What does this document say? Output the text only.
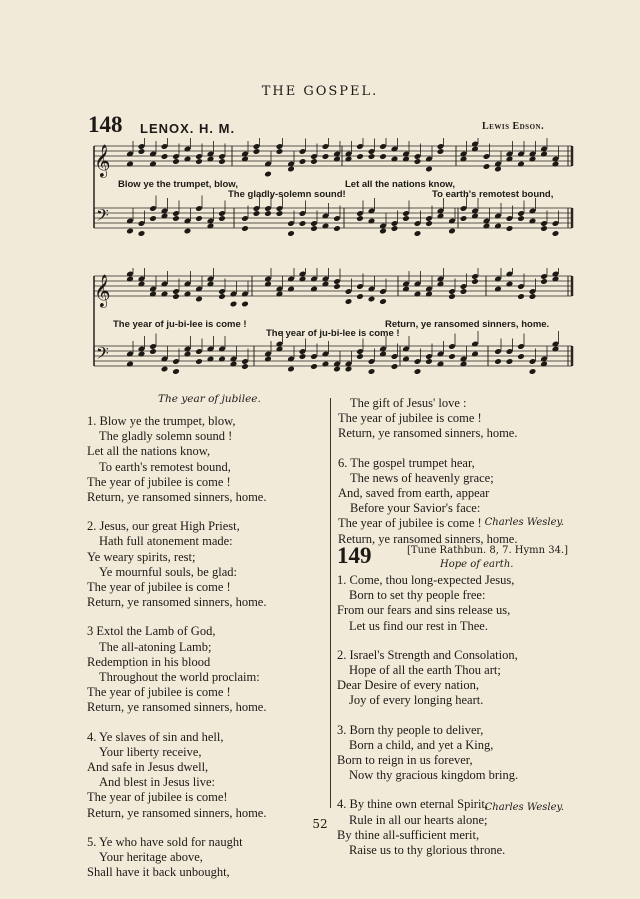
THE GOSPEL.
148 LENOX. H. M.	Lewis Edson.
𝄞
𝄢
Blow ye the trumpet, blow,
The gladly-solemn sound!
Let all the nations know,
To earth's remotest bound,
𝄞
𝄢
The year of ju-bi-lee is come !
The year of ju-bi-lee is come !
Return, ye ransomed sinners, home.
The year of jubilee.
1. Blow ye the trumpet, blow,
The gladly solemn sound !
Let all the nations know,
To earth's remotest bound,
The year of jubilee is come !
Return, ye ransomed sinners, home.
2. Jesus, our great High Priest,
Hath full atonement made:
Ye weary spirits, rest;
Ye mournful souls, be glad:
The year of jubilee is come !
Return, ye ransomed sinners, home.
3 Extol the Lamb of God,
The all-atoning Lamb;
Redemption in his blood
Throughout the world proclaim:
The year of jubilee is come !
Return, ye ransomed sinners, home.
4. Ye slaves of sin and hell,
Your liberty receive,
And safe in Jesus dwell,
And blest in Jesus live:
The year of jubilee is come!
Return, ye ransomed sinners, home.
5. Ye who have sold for naught
Your heritage above,
Shall have it back unbought,
The gift of Jesus' love :
The year of jubilee is come !
Return, ye ransomed sinners, home.
6. The gospel trumpet hear,
The news of heavenly grace;
And, saved from earth, appear
Before your Savior's face:
The year of jubilee is come !
Return, ye ransomed sinners, home.
Charles Wesley.
149	[Tune Rathbun. 8, 7. Hymn 34.]
Hope of earth.
1. Come, thou long-expected Jesus,
Born to set thy people free:
From our fears and sins release us,
Let us find our rest in Thee.
2. Israel's Strength and Consolation,
Hope of all the earth Thou art;
Dear Desire of every nation,
Joy of every longing heart.
3. Born thy people to deliver,
Born a child, and yet a King,
Born to reign in us forever,
Now thy gracious kingdom bring.
4. By thine own eternal Spirit,
Rule in all our hearts alone;
By thine all-sufficient merit,
Raise us to thy glorious throne.
Charles Wesley.
52
